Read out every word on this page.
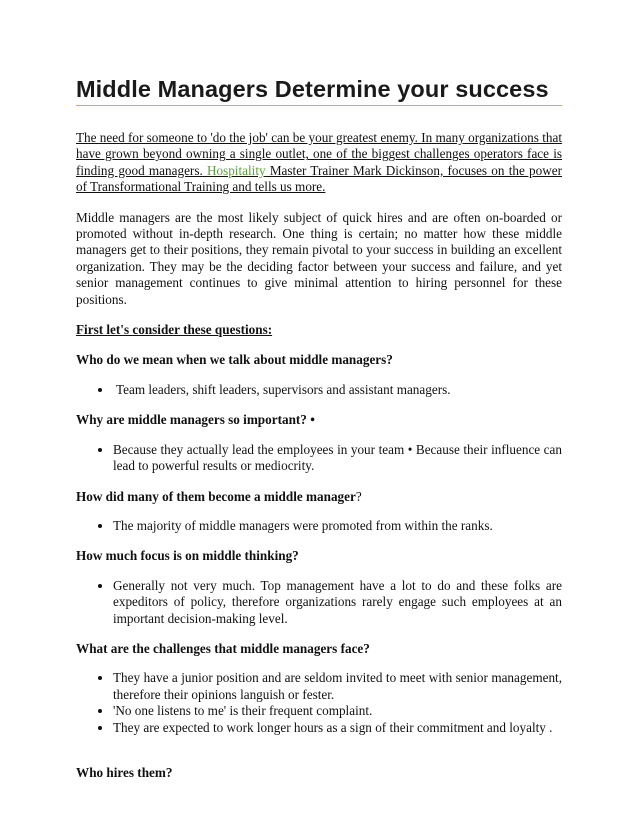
Middle Managers Determine your success

The need for someone to 'do the job' can be your greatest enemy. In many organizations that have grown beyond owning a single outlet, one of the biggest challenges operators face is finding good managers. Hospitality Master Trainer Mark Dickinson, focuses on the power of Transformational Training and tells us more.

Middle managers are the most likely subject of quick hires and are often on-boarded or promoted without in-depth research. One thing is certain; no matter how these middle managers get to their positions, they remain pivotal to your success in building an excellent organization. They may be the deciding factor between your success and failure, and yet senior management continues to give minimal attention to hiring personnel for these positions.

First let's consider these questions:

Who do we mean when we talk about middle managers?

• Team leaders, shift leaders, supervisors and assistant managers.

Why are middle managers so important? •

• Because they actually lead the employees in your team • Because their influence can lead to powerful results or mediocrity.

How did many of them become a middle manager?

• The majority of middle managers were promoted from within the ranks.

How much focus is on middle thinking?

• Generally not very much. Top management have a lot to do and these folks are expeditors of policy, therefore organizations rarely engage such employees at an important decision-making level.

What are the challenges that middle managers face?

• They have a junior position and are seldom invited to meet with senior management, therefore their opinions languish or fester.
• 'No one listens to me' is their frequent complaint.
• They are expected to work longer hours as a sign of their commitment and loyalty .

Who hires them?
